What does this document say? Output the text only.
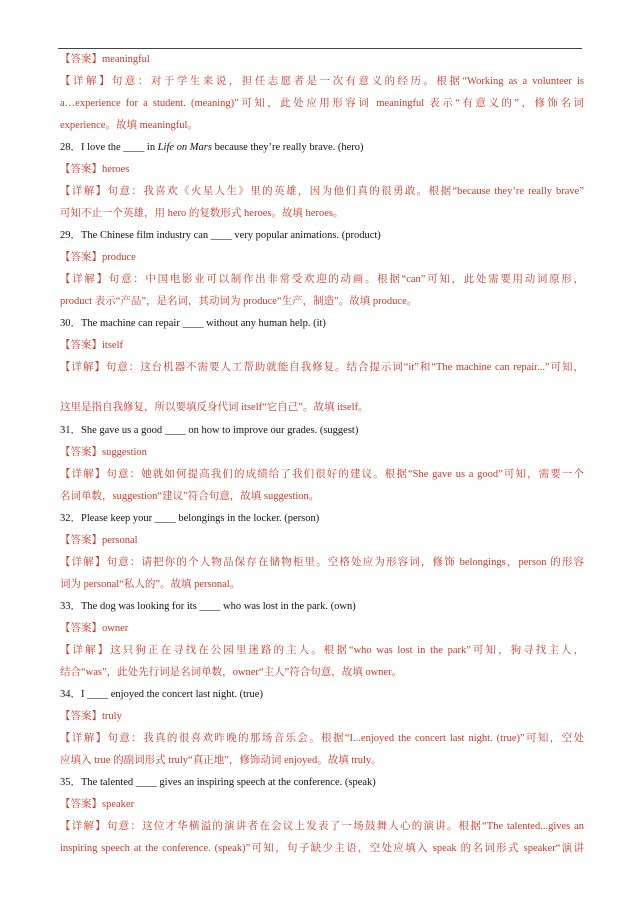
【答案】meaningful
【详解】句意：对于学生来说，担任志愿者是一次有意义的经历。根据“Working as a volunteer is
a…experience for a student. (meaning)”可知，此处应用形容词 meaningful 表示“有意义的”，修饰名词
experience。故填 meaningful。
28．I love the ____ in Life on Mars because they’re really brave. (hero)
【答案】heroes
【详解】句意：我喜欢《火星人生》里的英雄，因为他们真的很勇敢。根据“because they’re really brave”
可知不止一个英雄，用 hero 的复数形式 heroes。故填 heroes。
29．The Chinese film industry can ____ very popular animations. (product)
【答案】produce
【详解】句意：中国电影业可以制作出非常受欢迎的动画。根据“can”可知，此处需要用动词原形，
product 表示“产品”，是名词，其动词为 produce“生产，制造”。故填 produce。
30．The machine can repair ____ without any human help. (it)
【答案】itself
【详解】句意：这台机器不需要人工帮助就能自我修复。结合提示词“it”和“The machine can repair...”可知，
这里是指自我修复，所以要填反身代词 itself“它自己”。故填 itself。
31．She gave us a good ____ on how to improve our grades. (suggest)
【答案】suggestion
【详解】句意：她就如何提高我们的成绩给了我们很好的建议。根据“She gave us a good”可知，需要一个
名词单数，suggestion“建议”符合句意，故填 suggestion。
32．Please keep your ____ belongings in the locker. (person)
【答案】personal
【详解】句意：请把你的个人物品保存在储物柜里。空格处应为形容词，修饰 belongings，person 的形容
词为 personal“私人的”。故填 personal。
33．The dog was looking for its ____ who was lost in the park. (own)
【答案】owner
【详解】这只狗正在寻找在公园里迷路的主人。根据“who was lost in the park”可知，狗寻找主人，
结合“was”，此处先行词是名词单数，owner“主人”符合句意，故填 owner。
34．I ____ enjoyed the concert last night. (true)
【答案】truly
【详解】句意：我真的很喜欢昨晚的那场音乐会。根据“I...enjoyed the concert last night. (true)”可知，空处
应填入 true 的副词形式 truly“真正地”，修饰动词 enjoyed。故填 truly。
35．The talented ____ gives an inspiring speech at the conference. (speak)
【答案】speaker
【详解】句意：这位才华横溢的演讲者在会议上发表了一场鼓舞人心的演讲。根据“The talented...gives an
inspiring speech at the conference. (speak)”可知，句子缺少主语，空处应填入 speak 的名词形式 speaker“演讲
